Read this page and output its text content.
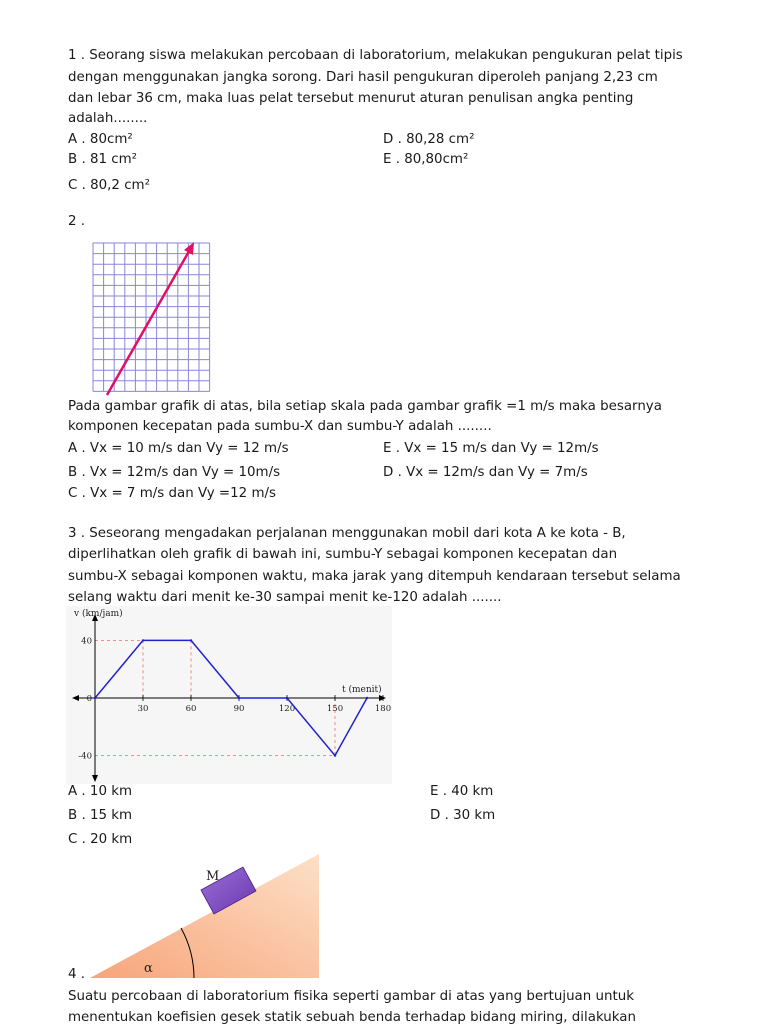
1 . Seorang siswa melakukan percobaan di laboratorium, melakukan pengukuran pelat tipis
dengan menggunakan jangka sorong. Dari hasil pengukuran diperoleh panjang 2,23 cm
dan lebar 36 cm, maka luas pelat tersebut menurut aturan penulisan angka penting
adalah........
A . 80cm²	D . 80,28 cm²
B . 81 cm²	E . 80,80cm²
C . 80,2 cm²
2 .
Pada gambar grafik di atas, bila setiap skala pada gambar grafik =1 m/s maka besarnya
komponen kecepatan pada sumbu-X dan sumbu-Y adalah ........
A . Vx = 10 m/s dan Vy = 12 m/s	E . Vx = 15 m/s dan Vy = 12m/s
B . Vx = 12m/s dan Vy = 10m/s	D . Vx = 12m/s dan Vy = 7m/s
C . Vx = 7 m/s dan Vy =12 m/s
3 . Seseorang mengadakan perjalanan menggunakan mobil dari kota A ke kota - B,
diperlihatkan oleh grafik di bawah ini, sumbu-Y sebagai komponen kecepatan dan
sumbu-X sebagai komponen waktu, maka jarak yang ditempuh kendaraan tersebut selama
selang waktu dari menit ke-30 sampai menit ke-120 adalah .......
v (km/jam)
t (menit)
30	60	90	120	150	180
40
0
-40
A . 10 km	E . 40 km
B . 15 km	D . 30 km
C . 20 km
α
M
4 .
Suatu percobaan di laboratorium fisika seperti gambar di atas yang bertujuan untuk
menentukan koefisien gesek statik sebuah benda terhadap bidang miring, dilakukan
